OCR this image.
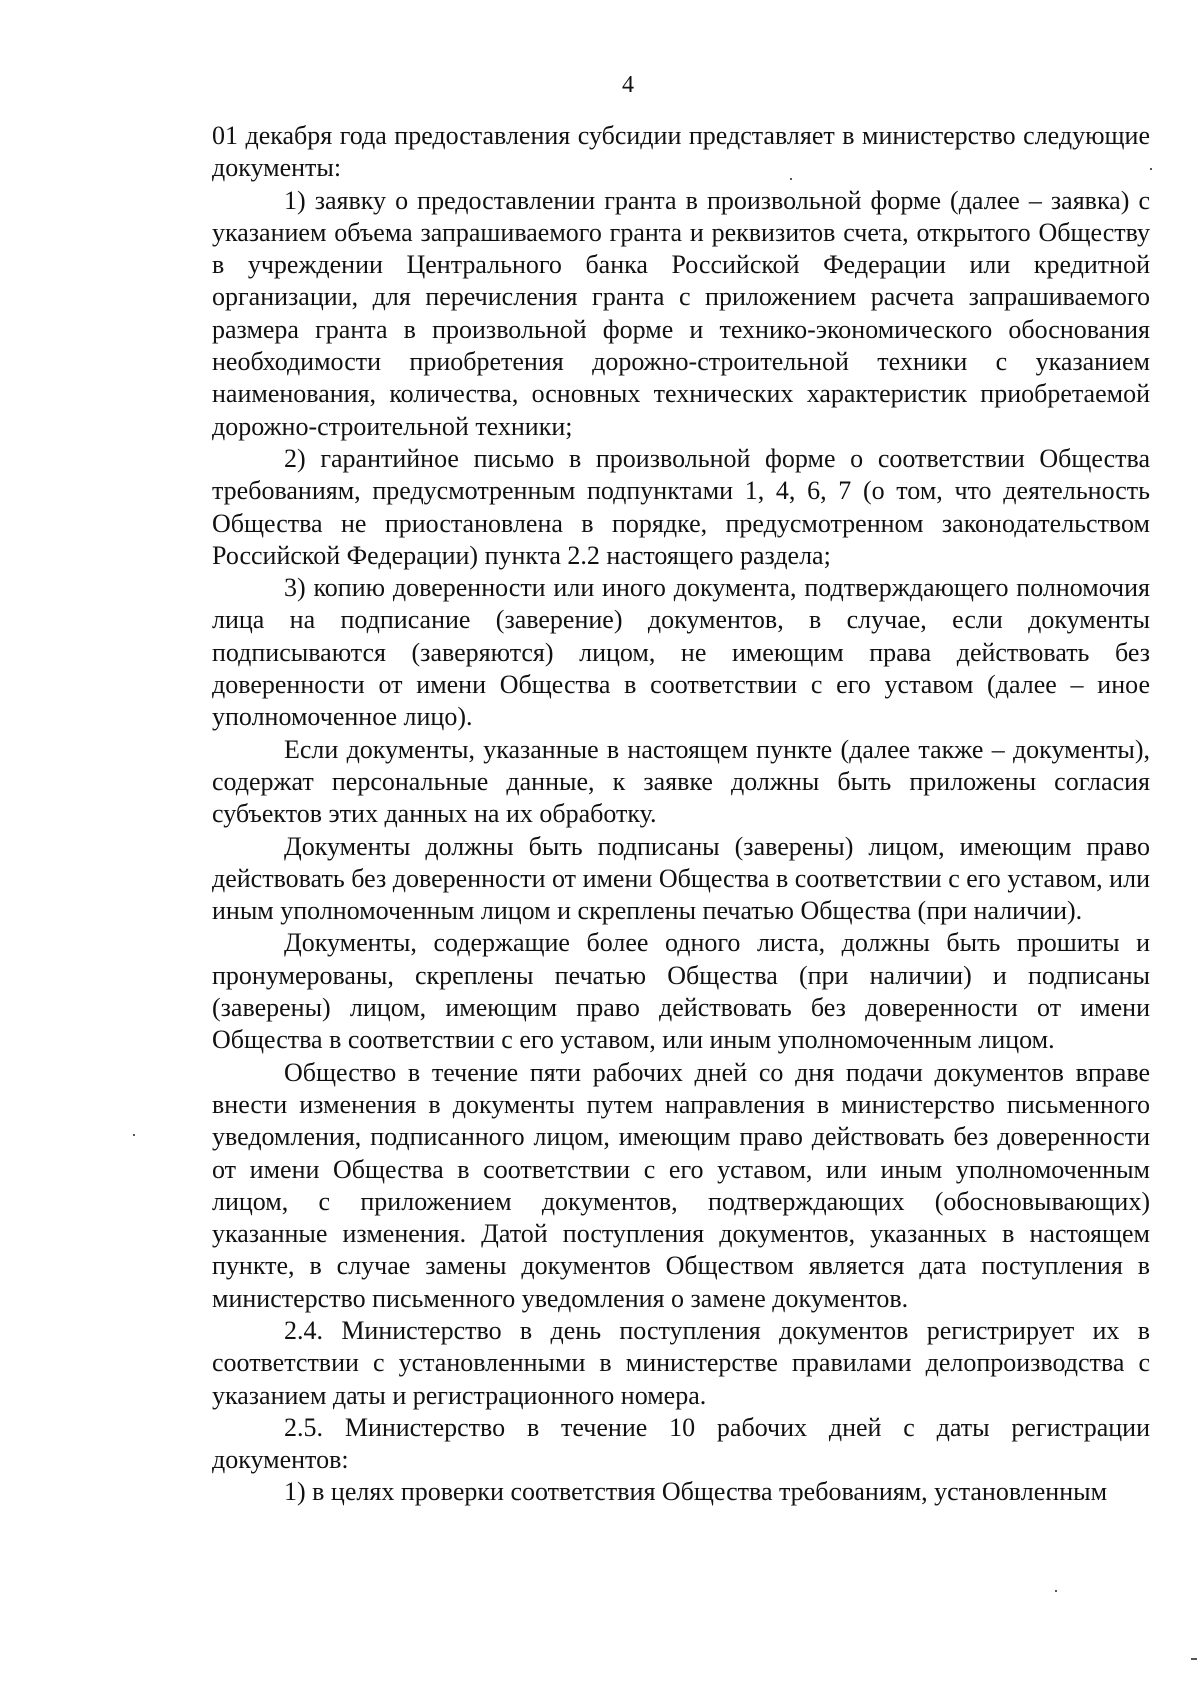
4

01 декабря года предоставления субсидии представляет в министерство следующие документы:

1) заявку о предоставлении гранта в произвольной форме (далее – заявка) с указанием объема запрашиваемого гранта и реквизитов счета, открытого Обществу в учреждении Центрального банка Российской Федерации или кредитной организации, для перечисления гранта с приложением расчета запрашиваемого размера гранта в произвольной форме и технико-экономического обоснования необходимости приобретения дорожно-строительной техники с указанием наименования, количества, основных технических характеристик приобретаемой дорожно-строительной техники;

2) гарантийное письмо в произвольной форме о соответствии Общества требованиям, предусмотренным подпунктами 1, 4, 6, 7 (о том, что деятельность Общества не приостановлена в порядке, предусмотренном законодательством Российской Федерации) пункта 2.2 настоящего раздела;

3) копию доверенности или иного документа, подтверждающего полномочия лица на подписание (заверение) документов, в случае, если документы подписываются (заверяются) лицом, не имеющим права действовать без доверенности от имени Общества в соответствии с его уставом (далее – иное уполномоченное лицо).

Если документы, указанные в настоящем пункте (далее также – документы), содержат персональные данные, к заявке должны быть приложены согласия субъектов этих данных на их обработку.

Документы должны быть подписаны (заверены) лицом, имеющим право действовать без доверенности от имени Общества в соответствии с его уставом, или иным уполномоченным лицом и скреплены печатью Общества (при наличии).

Документы, содержащие более одного листа, должны быть прошиты и пронумерованы, скреплены печатью Общества (при наличии) и подписаны (заверены) лицом, имеющим право действовать без доверенности от имени Общества в соответствии с его уставом, или иным уполномоченным лицом.

Общество в течение пяти рабочих дней со дня подачи документов вправе внести изменения в документы путем направления в министерство письменного уведомления, подписанного лицом, имеющим право действовать без доверенности от имени Общества в соответствии с его уставом, или иным уполномоченным лицом, с приложением документов, подтверждающих (обосновывающих) указанные изменения. Датой поступления документов, указанных в настоящем пункте, в случае замены документов Обществом является дата поступления в министерство письменного уведомления о замене документов.

2.4. Министерство в день поступления документов регистрирует их в соответствии с установленными в министерстве правилами делопроизводства с указанием даты и регистрационного номера.

2.5. Министерство в течение 10 рабочих дней с даты регистрации документов:

1) в целях проверки соответствия Общества требованиям, установленным
